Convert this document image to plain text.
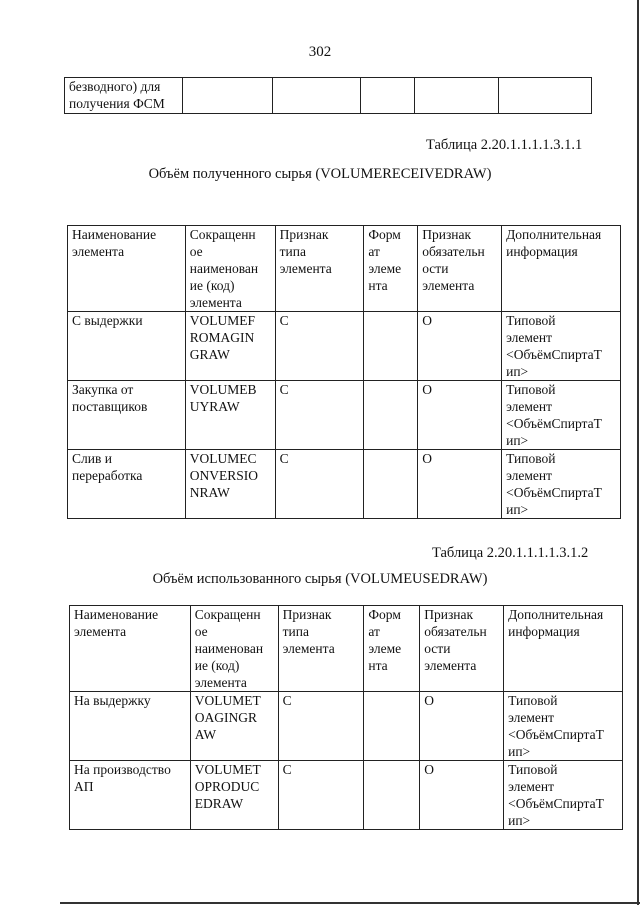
302
безводного) для
получения ФСМ

Таблица 2.20.1.1.1.1.3.1.1
Объём полученного сырья (VOLUMERECEIVEDRAW)
Наименование
элемента	Сокращенн
ое
наименован
ие (код)
элемента	Признак
типа
элемента	Форм
ат
элеме
нта	Признак
обязательн
ости
элемента	Дополнительная
информация

С выдержки	VOLUMEF
ROMAGIN
GRAW	С		О	Типовой
элемент
<ОбъёмСпиртаТ
ип>

Закупка от
поставщиков	VOLUMEB
UYRAW	С		О	Типовой
элемент
<ОбъёмСпиртаТ
ип>

Слив и
переработка	VOLUMEC
ONVERSIO
NRAW	С		О	Типовой
элемент
<ОбъёмСпиртаТ
ип>
Таблица 2.20.1.1.1.1.3.1.2
Объём использованного сырья (VOLUMEUSEDRAW)
Наименование
элемента	Сокращенн
ое
наименован
ие (код)
элемента	Признак
типа
элемента	Форм
ат
элеме
нта	Признак
обязательн
ости
элемента	Дополнительная
информация

На выдержку	VOLUMET
OAGINGR
AW	С		О	Типовой
элемент
<ОбъёмСпиртаТ
ип>

На производство
АП	VOLUMET
OPRODUC
EDRAW	С		О	Типовой
элемент
<ОбъёмСпиртаТ
ип>
